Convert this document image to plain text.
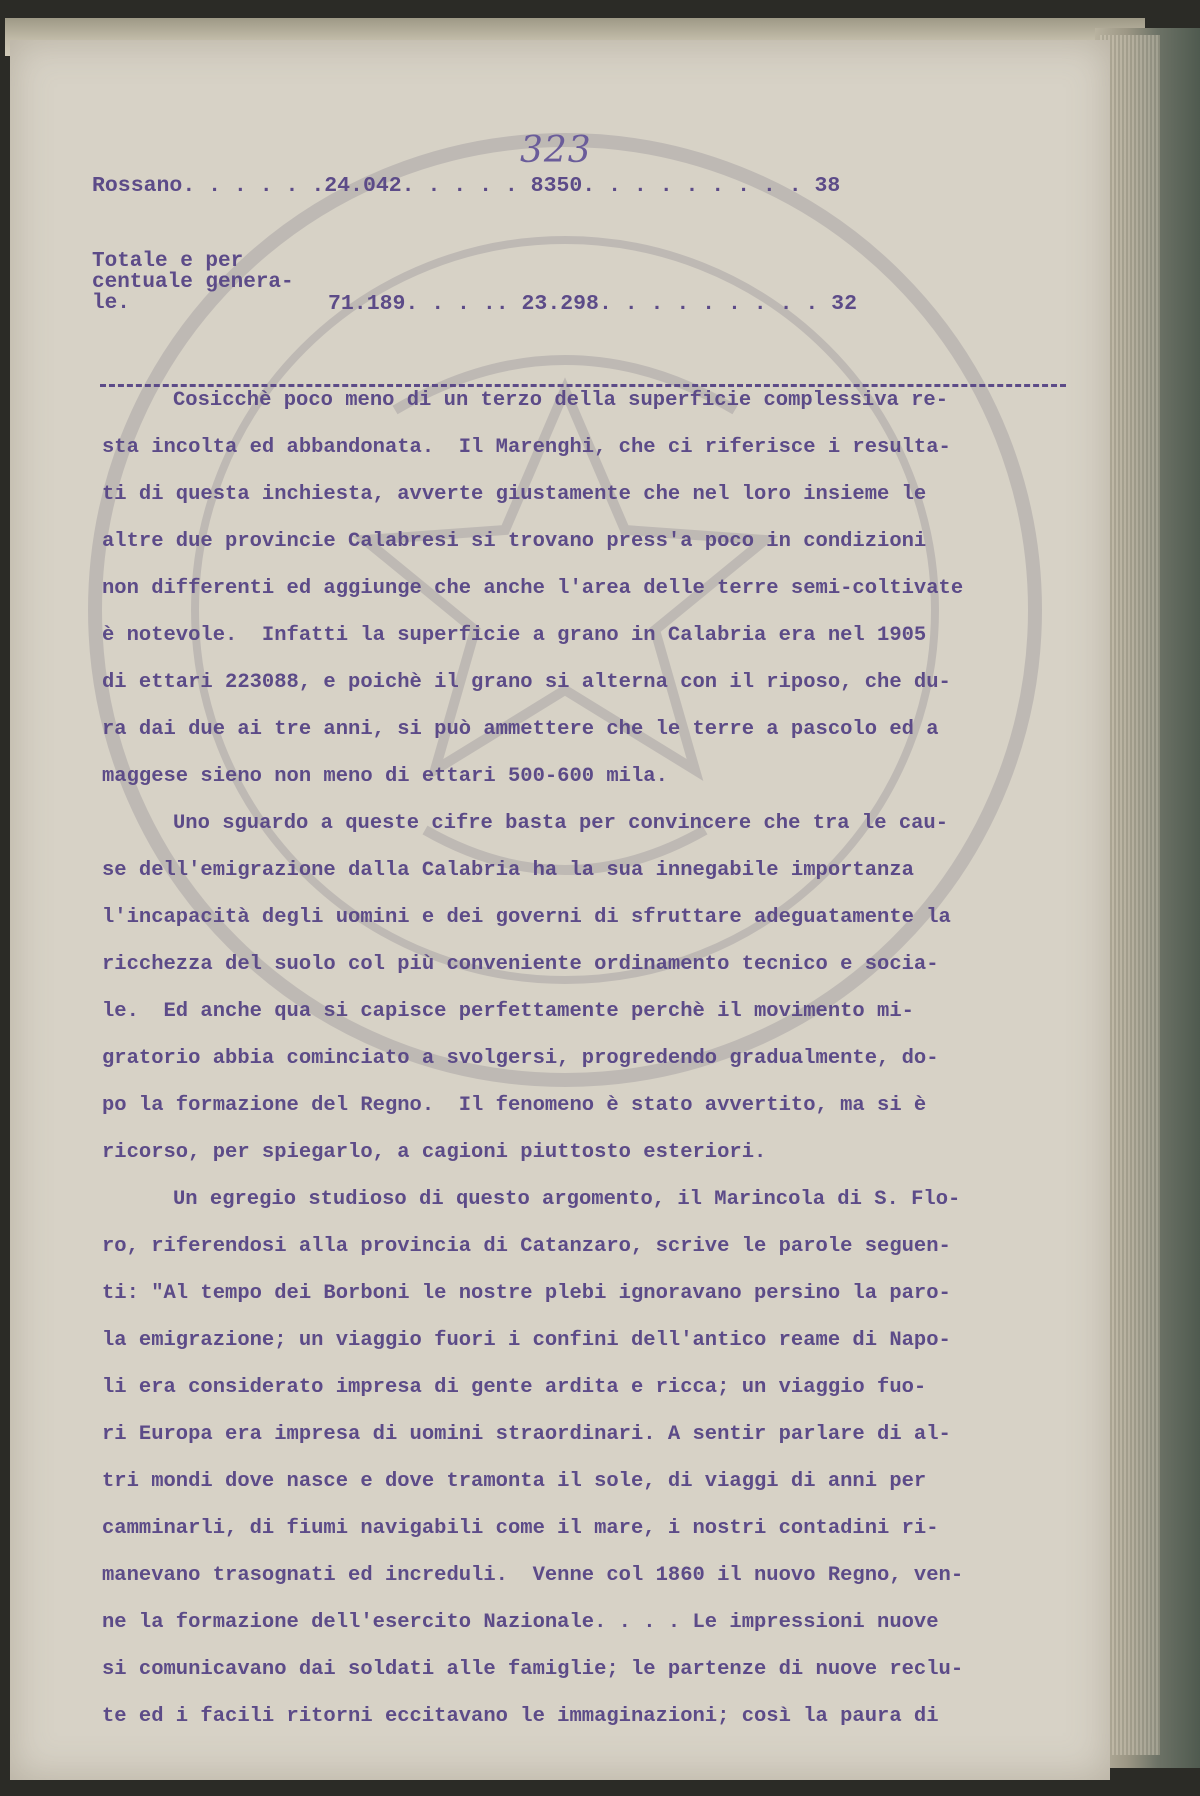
323
Rossano. . . . . .24.042. . . . . 8350. . . . . . . . . 38
Totale e per
centuale genera-
le.	71.189. . . .. 23.298. . . . . . . . . 32
Cosicchè poco meno di un terzo della superficie complessiva re-
sta incolta ed abbandonata.  Il Marenghi, che ci riferisce i resulta-
ti di questa inchiesta, avverte giustamente che nel loro insieme le
altre due provincie Calabresi si trovano press'a poco in condizioni
non differenti ed aggiunge che anche l'area delle terre semi-coltivate
è notevole.  Infatti la superficie a grano in Calabria era nel 1905
di ettari 223088, e poichè il grano si alterna con il riposo, che du-
ra dai due ai tre anni, si può ammettere che le terre a pascolo ed a
maggese sieno non meno di ettari 500-600 mila.
Uno sguardo a queste cifre basta per convincere che tra le cau-
se dell'emigrazione dalla Calabria ha la sua innegabile importanza
l'incapacità degli uomini e dei governi di sfruttare adeguatamente la
ricchezza del suolo col più conveniente ordinamento tecnico e socia-
le.  Ed anche qua si capisce perfettamente perchè il movimento mi-
gratorio abbia cominciato a svolgersi, progredendo gradualmente, do-
po la formazione del Regno.  Il fenomeno è stato avvertito, ma si è
ricorso, per spiegarlo, a cagioni piuttosto esteriori.
Un egregio studioso di questo argomento, il Marincola di S. Flo-
ro, riferendosi alla provincia di Catanzaro, scrive le parole seguen-
ti: "Al tempo dei Borboni le nostre plebi ignoravano persino la paro-
la emigrazione; un viaggio fuori i confini dell'antico reame di Napo-
li era considerato impresa di gente ardita e ricca; un viaggio fuo-
ri Europa era impresa di uomini straordinari. A sentir parlare di al-
tri mondi dove nasce e dove tramonta il sole, di viaggi di anni per
camminarli, di fiumi navigabili come il mare, i nostri contadini ri-
manevano trasognati ed increduli.  Venne col 1860 il nuovo Regno, ven-
ne la formazione dell'esercito Nazionale. . . . Le impressioni nuove
si comunicavano dai soldati alle famiglie; le partenze di nuove reclu-
te ed i facili ritorni eccitavano le immaginazioni; così la paura di
